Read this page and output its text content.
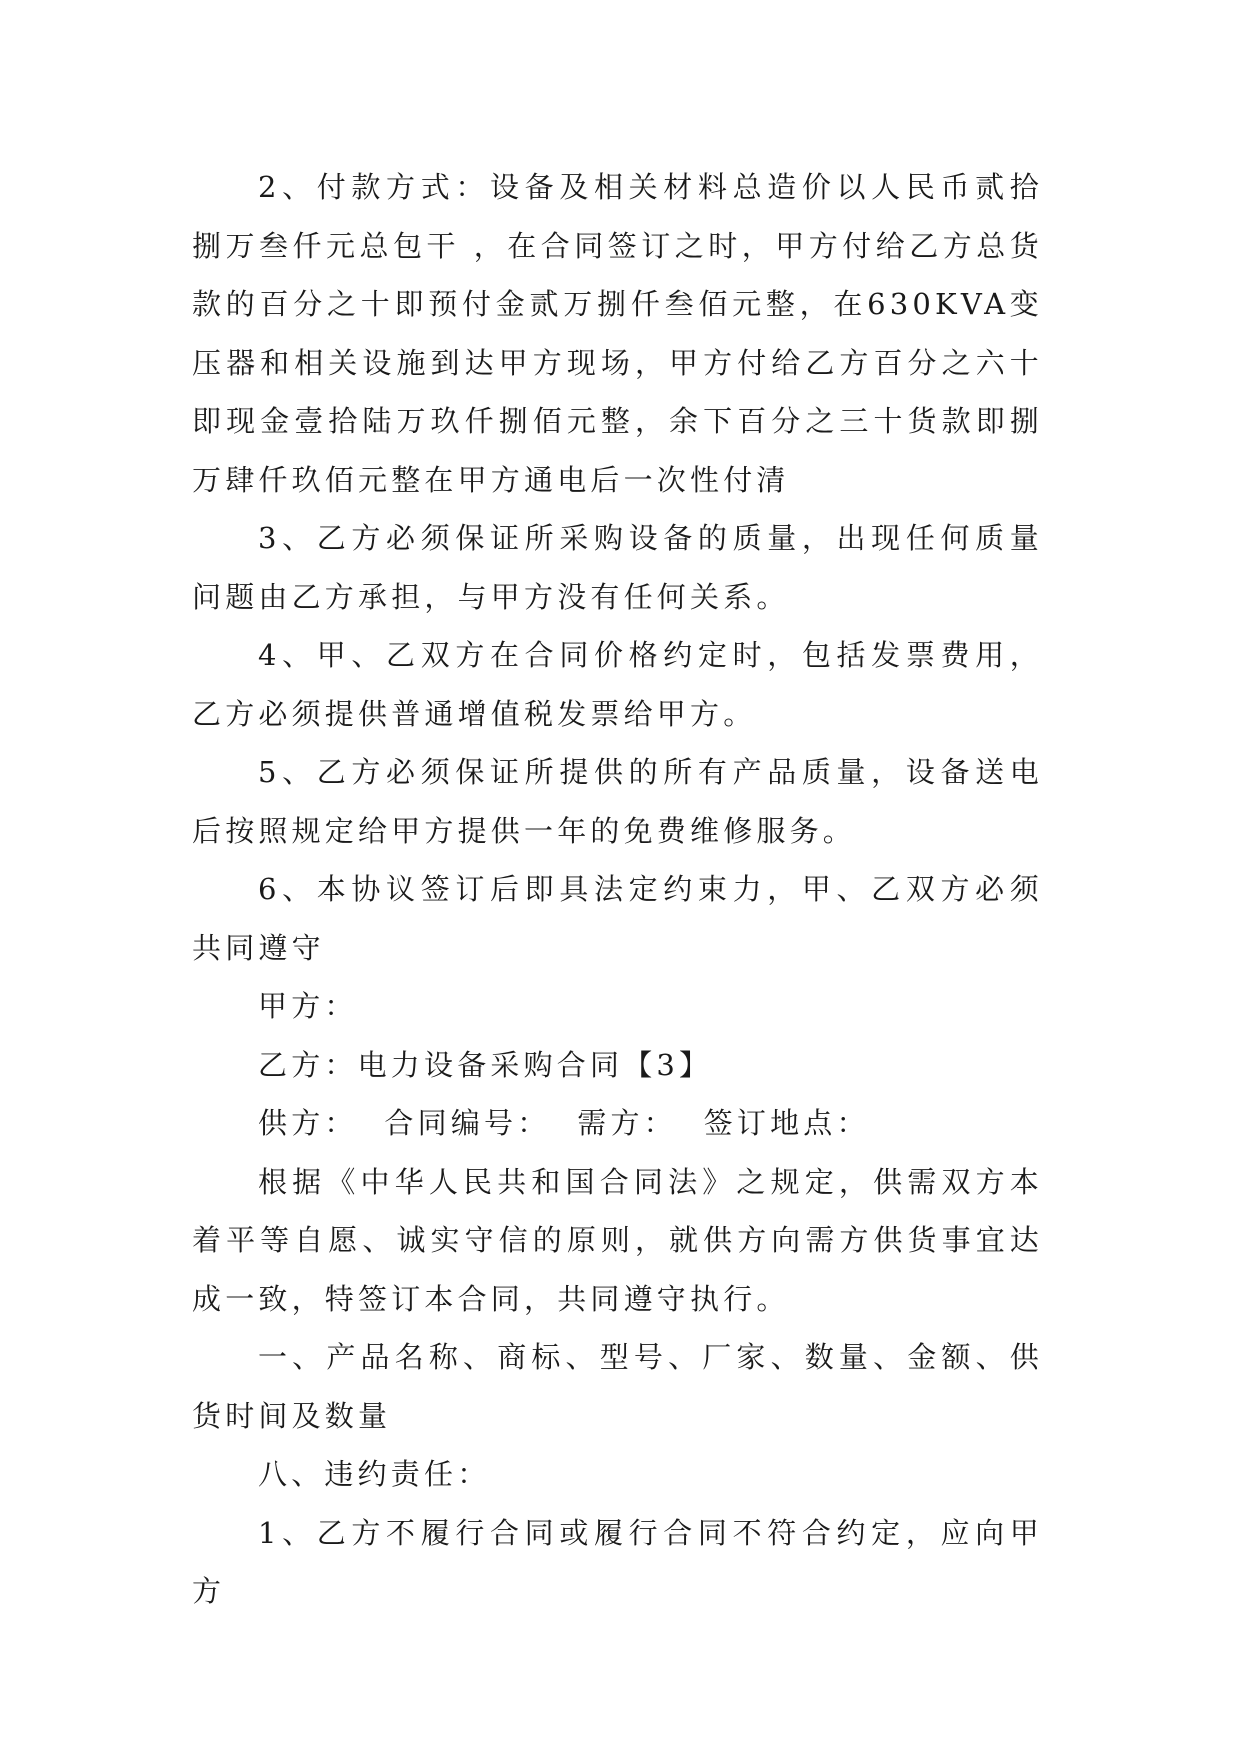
2、付款方式：设备及相关材料总造价以人民币贰拾捌万叁仟元总包干 ，在合同签订之时，甲方付给乙方总货款的百分之十即预付金贰万捌仟叁佰元整，在630KVA变压器和相关设施到达甲方现场，甲方付给乙方百分之六十即现金壹拾陆万玖仟捌佰元整，余下百分之三十货款即捌万肆仟玖佰元整在甲方通电后一次性付清

3、乙方必须保证所采购设备的质量，出现任何质量问题由乙方承担，与甲方没有任何关系。

4、甲、乙双方在合同价格约定时，包括发票费用，乙方必须提供普通增值税发票给甲方。

5、乙方必须保证所提供的所有产品质量，设备送电后按照规定给甲方提供一年的免费维修服务。

6、本协议签订后即具法定约束力，甲、乙双方必须共同遵守

甲方：

乙方：电力设备采购合同【3】

供方：  合同编号：  需方：  签订地点：

根据《中华人民共和国合同法》之规定，供需双方本着平等自愿、诚实守信的原则，就供方向需方供货事宜达成一致，特签订本合同，共同遵守执行。

一、产品名称、商标、型号、厂家、数量、金额、供货时间及数量

八、违约责任：

1、乙方不履行合同或履行合同不符合约定，应向甲方
